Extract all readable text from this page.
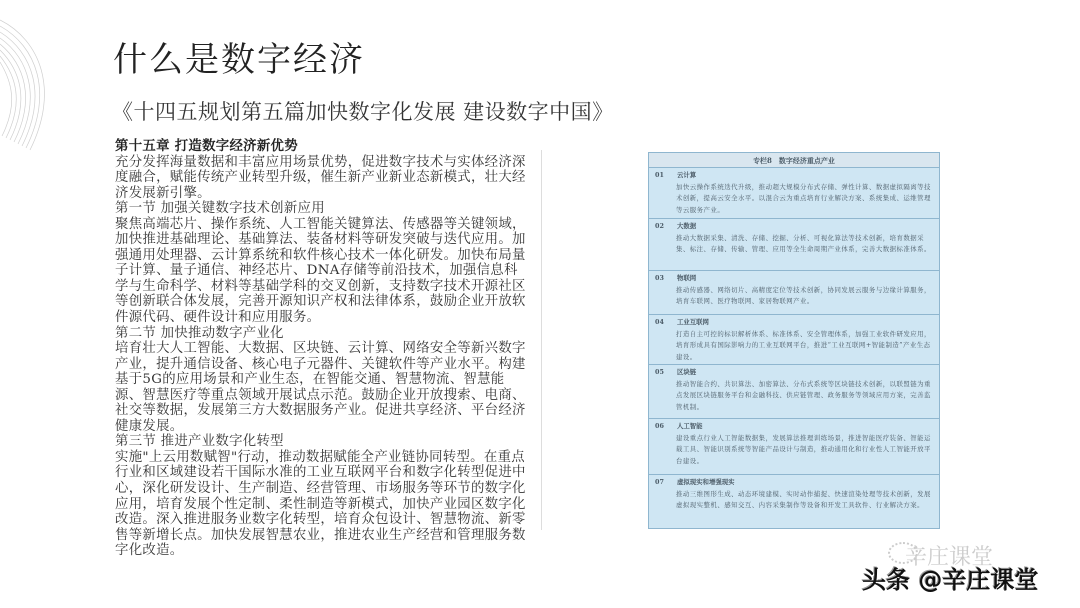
什么是数字经济
《十四五规划第五篇加快数字化发展 建设数字中国》
第十五章 打造数字经济新优势
充分发挥海量数据和丰富应用场景优势，促进数字技术与实体经济深度融合，赋能传统产业转型升级，催生新产业新业态新模式，壮大经济发展新引擎。
第一节 加强关键数字技术创新应用
聚焦高端芯片、操作系统、人工智能关键算法、传感器等关键领域，加快推进基础理论、基础算法、装备材料等研发突破与迭代应用。加强通用处理器、云计算系统和软件核心技术一体化研发。加快布局量子计算、量子通信、神经芯片、DNA存储等前沿技术，加强信息科学与生命科学、材料等基础学科的交叉创新，支持数字技术开源社区等创新联合体发展，完善开源知识产权和法律体系，鼓励企业开放软件源代码、硬件设计和应用服务。
第二节 加快推动数字产业化
培育壮大人工智能、大数据、区块链、云计算、网络安全等新兴数字产业，提升通信设备、核心电子元器件、关键软件等产业水平。构建基于5G的应用场景和产业生态，在智能交通、智慧物流、智慧能源、智慧医疗等重点领域开展试点示范。鼓励企业开放搜索、电商、社交等数据，发展第三方大数据服务产业。促进共享经济、平台经济健康发展。
第三节 推进产业数字化转型
实施"上云用数赋智"行动，推动数据赋能全产业链协同转型。在重点行业和区域建设若干国际水准的工业互联网平台和数字化转型促进中心，深化研发设计、生产制造、经营管理、市场服务等环节的数字化应用，培育发展个性定制、柔性制造等新模式，加快产业园区数字化改造。深入推进服务业数字化转型，培育众包设计、智慧物流、新零售等新增长点。加快发展智慧农业，推进农业生产经营和管理服务数字化改造。
专栏8　数字经济重点产业
01 云计算
加快云操作系统迭代升级，推动超大规模分布式存储、弹性计算、数据虚拟隔离等技术创新，提高云安全水平。以混合云为重点培育行业解决方案、系统集成、运维管理等云服务产业。
02 大数据
推动大数据采集、清洗、存储、挖掘、分析、可视化算法等技术创新，培育数据采集、标注、存储、传输、管理、应用等全生命周期产业体系，完善大数据标准体系。
03 物联网
推动传感器、网络切片、高精度定位等技术创新，协同发展云服务与边缘计算服务，培育车联网、医疗物联网、家居物联网产业。
04 工业互联网
打造自主可控的标识解析体系、标准体系、安全管理体系，加强工业软件研发应用，培育形成具有国际影响力的工业互联网平台，推进“工业互联网+智能制造”产业生态建设。
05 区块链
推动智能合约、共识算法、加密算法、分布式系统等区块链技术创新，以联盟链为重点发展区块链服务平台和金融科技、供应链管理、政务服务等领域应用方案，完善监管机制。
06 人工智能
建设重点行业人工智能数据集，发展算法推理训练场景，推进智能医疗装备、智能运载工具、智能识别系统等智能产品设计与制造，推动通用化和行业性人工智能开放平台建设。
07 虚拟现实和增强现实
推动三维图形生成、动态环境建模、实时动作捕捉、快速渲染处理等技术创新，发展虚拟现实整机、感知交互、内容采集制作等设备和开发工具软件、行业解决方案。
辛庄课堂
头条 @辛庄课堂
